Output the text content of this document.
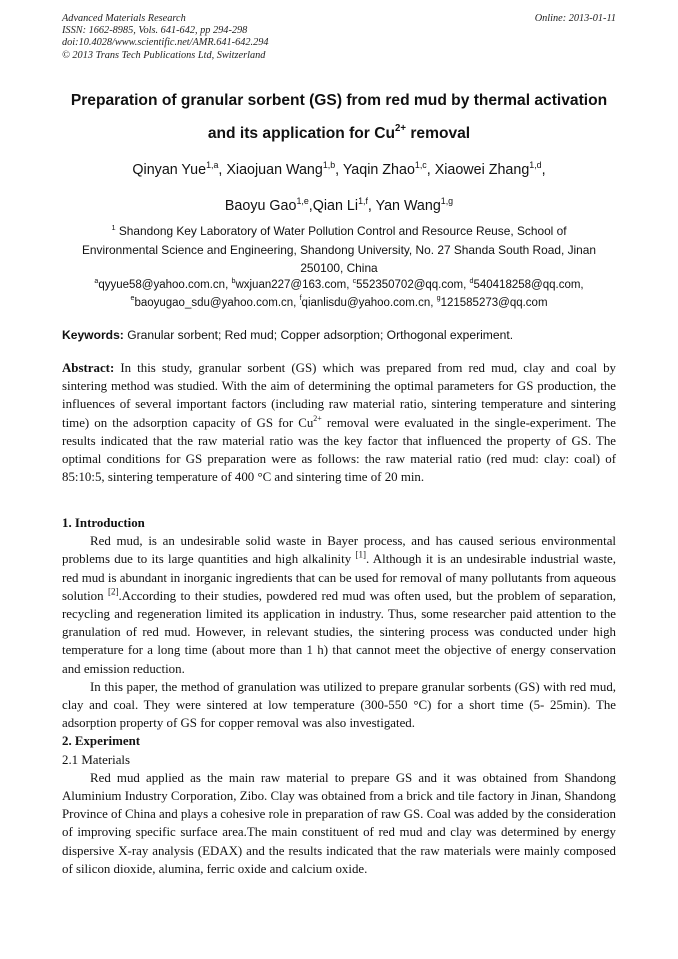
Advanced Materials Research
ISSN: 1662-8985, Vols. 641-642, pp 294-298
doi:10.4028/www.scientific.net/AMR.641-642.294
© 2013 Trans Tech Publications Ltd, Switzerland
Online: 2013-01-11
Preparation of granular sorbent (GS) from red mud by thermal activation
and its application for $Cu^{2+}$ removal
Qinyan Yue$^{1,a}$, Xiaojuan Wang$^{1,b}$, Yaqin Zhao$^{1,c}$, Xiaowei Zhang$^{1,d}$,
Baoyu Gao$^{1,e}$,Qian Li$^{1,f}$, Yan Wang$^{1,g}$
$^1$ Shandong Key Laboratory of Water Pollution Control and Resource Reuse, School of
Environmental Science and Engineering, Shandong University, No. 27 Shanda South Road, Jinan
250100, China
$^a$qyyue58@yahoo.com.cn, $^b$wxjuan227@163.com, $^c$552350702@qq.com, $^d$540418258@qq.com,
$^e$baoyugao_sdu@yahoo.com.cn, $^f$qianlisdu@yahoo.com.cn, $^g$121585273@qq.com
Keywords: Granular sorbent; Red mud; Copper adsorption; Orthogonal experiment.

Abstract: In this study, granular sorbent (GS) which was prepared from red mud, clay and coal by sintering method was studied. With the aim of determining the optimal parameters for GS production, the influences of several important factors (including raw material ratio, sintering temperature and sintering time) on the adsorption capacity of GS for $Cu^{2+}$ removal were evaluated in the single-experiment. The results indicated that the raw material ratio was the key factor that influenced the property of GS. The optimal conditions for GS preparation were as follows: the raw material ratio (red mud: clay: coal) of 85:10:5, sintering temperature of 400 °C and sintering time of 20 min.

1. Introduction

Red mud, is an undesirable solid waste in Bayer process, and has caused serious environmental problems due to its large quantities and high alkalinity [1]. Although it is an undesirable industrial waste, red mud is abundant in inorganic ingredients that can be used for removal of many pollutants from aqueous solution [2].According to their studies, powdered red mud was often used, but the problem of separation, recycling and regeneration limited its application in industry. Thus, some researcher paid attention to the granulation of red mud. However, in relevant studies, the sintering process was conducted under high temperature for a long time (about more than 1 h) that cannot meet the objective of energy conservation and emission reduction.

In this paper, the method of granulation was utilized to prepare granular sorbents (GS) with red mud, clay and coal. They were sintered at low temperature (300-550 °C) for a short time (5- 25min). The adsorption property of GS for copper removal was also investigated.

2. Experiment

2.1 Materials

Red mud applied as the main raw material to prepare GS and it was obtained from Shandong Aluminium Industry Corporation, Zibo. Clay was obtained from a brick and tile factory in Jinan, Shandong Province of China and plays a cohesive role in preparation of raw GS. Coal was added by the consideration of improving specific surface area.The main constituent of red mud and clay was determined by energy dispersive X-ray analysis (EDAX) and the results indicated that the raw materials were mainly composed of silicon dioxide, alumina, ferric oxide and calcium oxide.
